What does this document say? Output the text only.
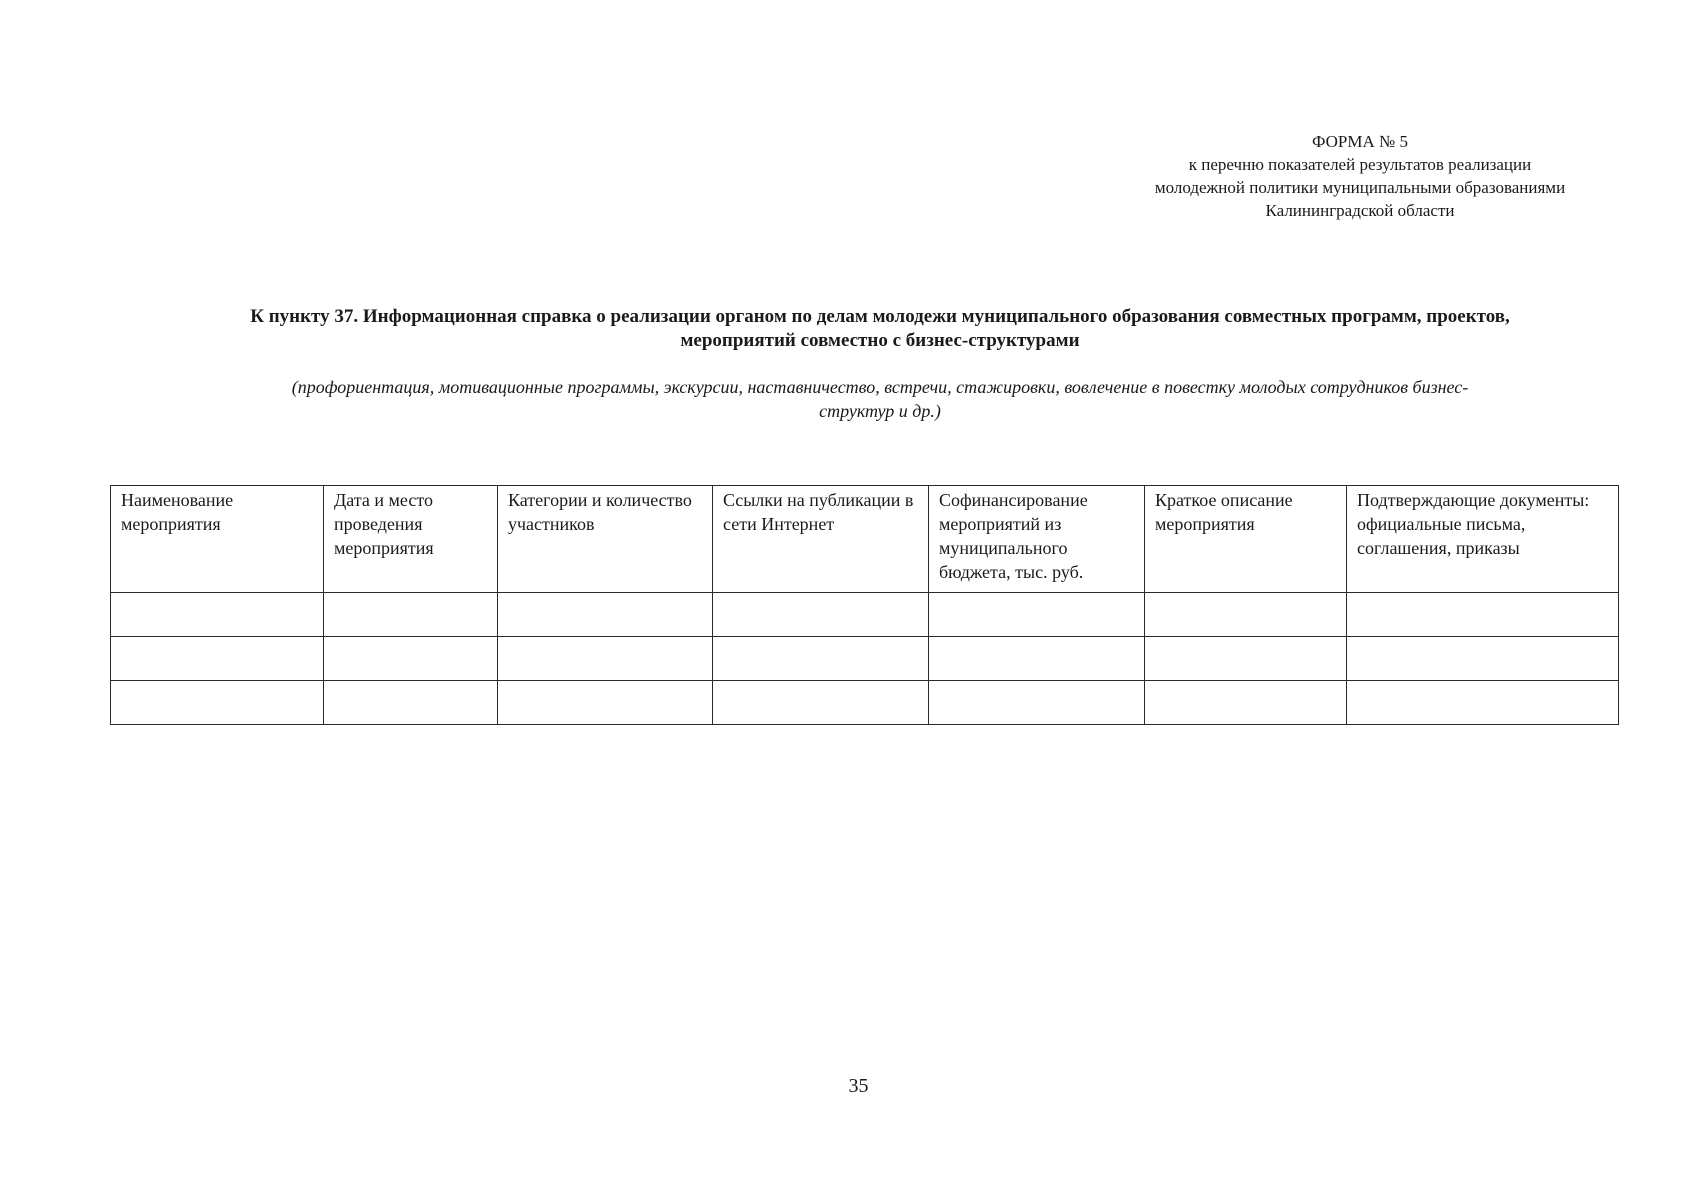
ФОРМА № 5
к перечню показателей результатов реализации
молодежной политики муниципальными образованиями
Калининградской области
К пункту 37. Информационная справка о реализации органом по делам молодежи муниципального образования совместных программ, проектов,
мероприятий совместно с бизнес-структурами
(профориентация, мотивационные программы, экскурсии, наставничество, встречи, стажировки, вовлечение в повестку молодых сотрудников бизнес-
структур и др.)
Наименование мероприятия	Дата и место проведения мероприятия	Категории и количество участников	Ссылки на публикации в сети Интернет	Софинансирование мероприятий из муниципального бюджета, тыс. руб.	Краткое описание мероприятия	Подтверждающие документы: официальные письма, соглашения, приказы

35
